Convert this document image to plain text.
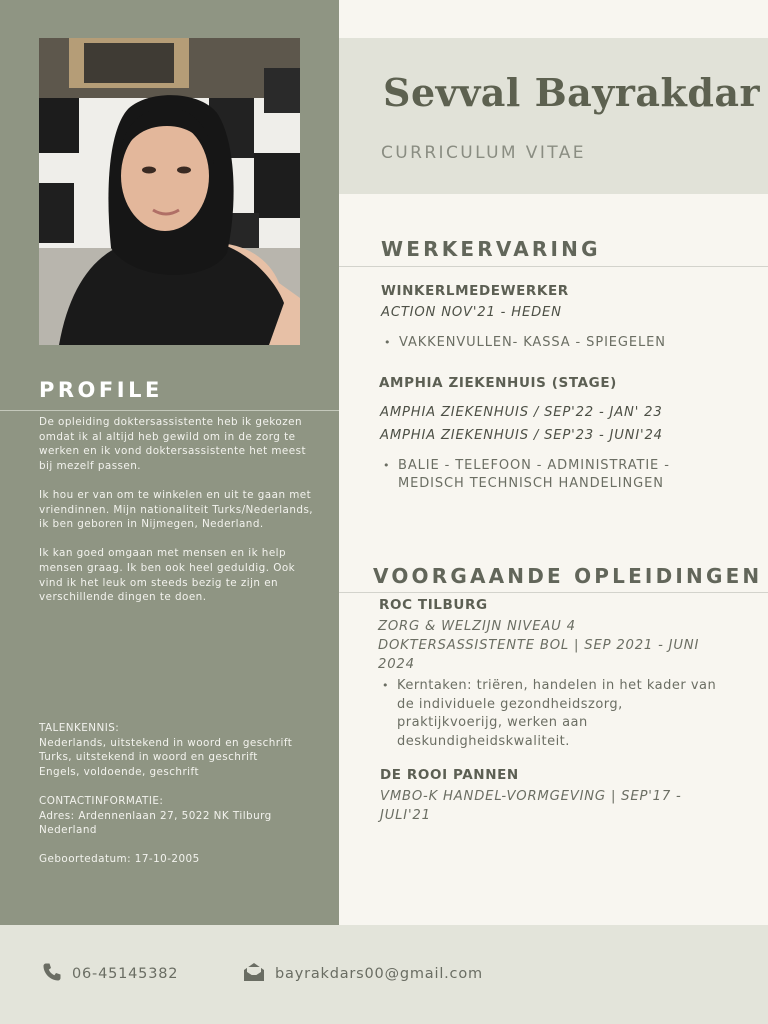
PROFILE

De opleiding doktersassistente heb ik gekozen omdat ik al altijd heb gewild om in de zorg te werken en ik vond doktersassistente het meest bij mezelf passen.

Ik hou er van om te winkelen en uit te gaan met vriendinnen. Mijn nationaliteit Turks/Nederlands, ik ben geboren in Nijmegen, Nederland.

Ik kan goed omgaan met mensen en ik help mensen graag. Ik ben ook heel geduldig. Ook vind ik het leuk om steeds bezig te zijn en verschillende dingen te doen.

TALENKENNIS:
Nederlands, uitstekend in woord en geschrift
Turks, uitstekend in woord en geschrift
Engels, voldoende, geschrift
CONTACTINFORMATIE:
Adres: Ardennenlaan 27, 5022 NK Tilburg
Nederland
Geboortedatum: 17-10-2005
Sevval Bayrakdar

CURRICULUM VITAE

WERKERVARING

WINKERLMEDEWERKER

ACTION NOV'21 - HEDEN

• VAKKENVULLEN- KASSA - SPIEGELEN

AMPHIA ZIEKENHUIS (STAGE)

AMPHIA ZIEKENHUIS / SEP'22 - JAN' 23

AMPHIA ZIEKENHUIS / SEP'23 - JUNI'24

• BALIE - TELEFOON - ADMINISTRATIE - MEDISCH TECHNISCH HANDELINGEN

VOORGAANDE OPLEIDINGEN

ROC TILBURG

ZORG & WELZIJN NIVEAU 4 DOKTERSASSISTENTE BOL | SEP 2021 - JUNI 2024

• Kerntaken: triëren, handelen in het kader van de individuele gezondheidszorg, praktijkvoerijg, werken aan deskundigheidskwaliteit.

DE ROOI PANNEN

VMBO-K HANDEL-VORMGEVING | SEP'17 - JULI'21

06-45145382	bayrakdars00@gmail.com
